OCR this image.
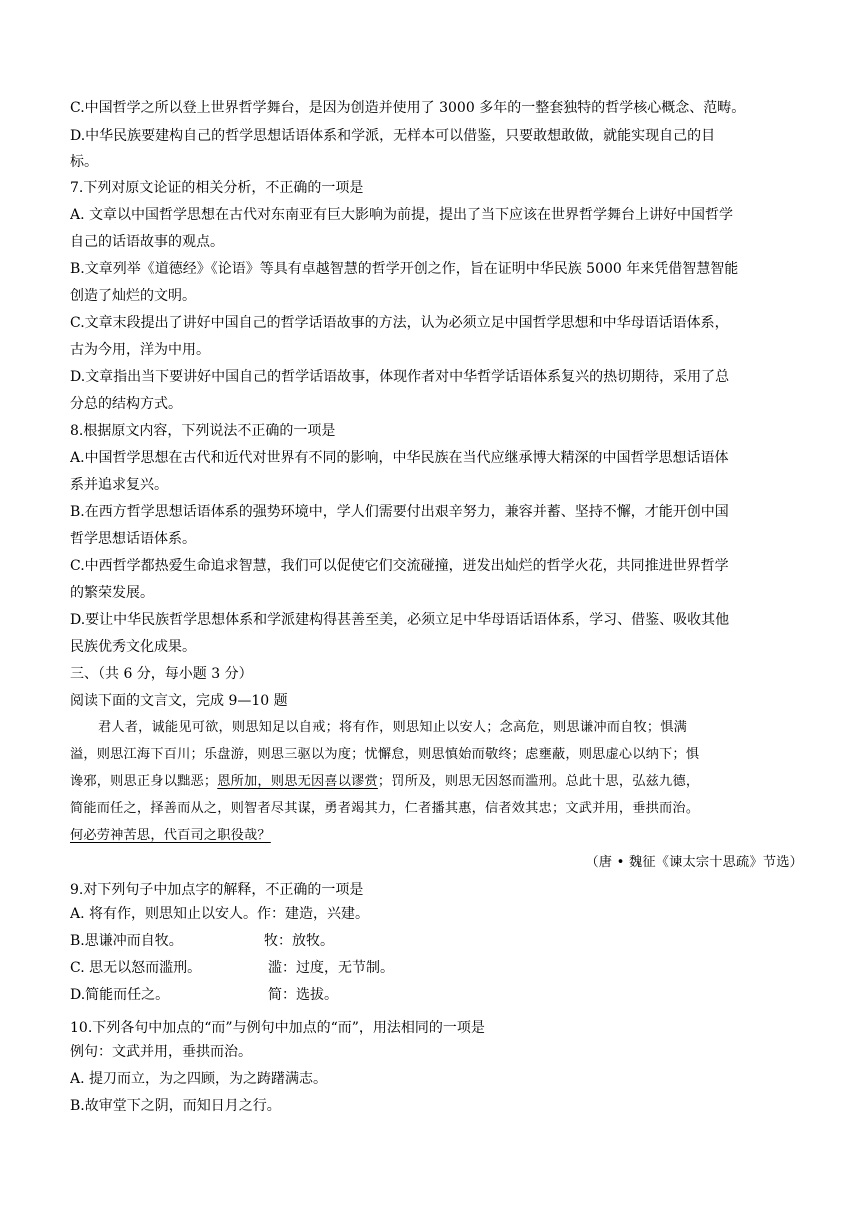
C.中国哲学之所以登上世界哲学舞台，是因为创造并使用了 3000 多年的一整套独特的哲学核心概念、范畴。
D.中华民族要建构自己的哲学思想话语体系和学派，无样本可以借鉴，只要敢想敢做，就能实现自己的目
标。
7.下列对原文论证的相关分析，不正确的一项是
A. 文章以中国哲学思想在古代对东南亚有巨大影响为前提，提出了当下应该在世界哲学舞台上讲好中国哲学
自己的话语故事的观点。
B.文章列举《道德经》《论语》等具有卓越智慧的哲学开创之作，旨在证明中华民族 5000 年来凭借智慧智能
创造了灿烂的文明。
C.文章末段提出了讲好中国自己的哲学话语故事的方法，认为必须立足中国哲学思想和中华母语话语体系，
古为今用，洋为中用。
D.文章指出当下要讲好中国自己的哲学话语故事，体现作者对中华哲学话语体系复兴的热切期待，采用了总
分总的结构方式。
8.根据原文内容，下列说法不正确的一项是
A.中国哲学思想在古代和近代对世界有不同的影响，中华民族在当代应继承博大精深的中国哲学思想话语体
系并追求复兴。
B.在西方哲学思想话语体系的强势环境中，学人们需要付出艰辛努力，兼容并蓄、坚持不懈，才能开创中国
哲学思想话语体系。
C.中西哲学都热爱生命追求智慧，我们可以促使它们交流碰撞，迸发出灿烂的哲学火花，共同推进世界哲学
的繁荣发展。
D.要让中华民族哲学思想体系和学派建构得甚善至美，必须立足中华母语话语体系，学习、借鉴、吸收其他
民族优秀文化成果。
三、（共 6 分，每小题 3 分）
阅读下面的文言文，完成 9—10 题
君人者，诚能见可欲，则思知足以自戒；将有作，则思知止以安人；念高危，则思谦冲而自牧；惧满
溢，则思江海下百川；乐盘游，则思三驱以为度；忧懈怠，则思慎始而敬终；虑壅蔽，则思虚心以纳下；惧
谗邪，则思正身以黜恶；恩所加，则思无因喜以谬赏；罚所及，则思无因怒而滥刑。总此十思，弘兹九德，
简能而任之，择善而从之，则智者尽其谋，勇者竭其力，仁者播其惠，信者效其忠；文武并用，垂拱而治。
何必劳神苦思，代百司之职役哉？
（唐 • 魏征《谏太宗十思疏》节选）
9.对下列句子中加点字的解释，不正确的一项是
A. 将有作，则思知止以安人。作：建造，兴建。
B.思谦冲而自牧。	牧：放牧。
C. 思无以怒而滥刑。	滥：过度，无节制。
D.简能而任之。	简：选拔。
10.下列各句中加点的“而”与例句中加点的“而”，用法相同的一项是
例句：文武并用，垂拱而治。
A. 提刀而立，为之四顾，为之踌躇满志。
B.故审堂下之阴，而知日月之行。
